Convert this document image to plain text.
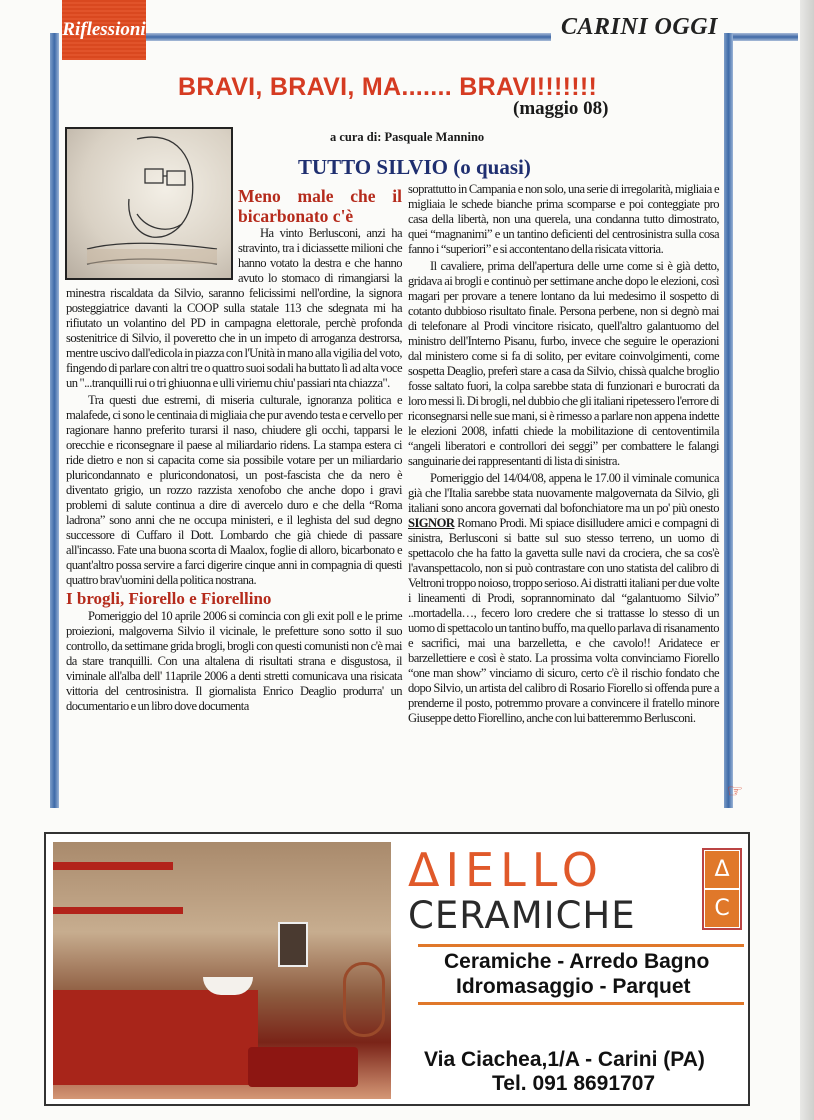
Riflessioni	CARINI OGGI
BRAVI, BRAVI, MA....... BRAVI!!!!!!!
(maggio 08)
a cura di: Pasquale Mannino
TUTTO SILVIO (o quasi)
Meno male che il bicarbonato c'è

Ha vinto Berlusconi, anzi ha stravinto, tra i diciassette milioni che hanno votato la destra e che hanno avuto lo stomaco di rimangiarsi la minestra riscaldata da Silvio, saranno felicissimi nell'ordine, la signora posteggiatrice davanti la COOP sulla statale 113 che sdegnata mi ha rifiutato un volantino del PD in campagna elettorale, perchè profonda sostenitrice di Silvio, il poveretto che in un impeto di arroganza destrorsa, mentre uscivo dall'edicola in piazza con l'Unità in mano alla vigilia del voto, fingendo di parlare con altri tre o quattro suoi sodali ha buttato lì ad alta voce un "...tranquilli rui o tri ghiuonna e ulli viriemu chiu' passiari nta chiazza".

Tra questi due estremi, di miseria culturale, ignoranza politica e malafede, ci sono le centinaia di migliaia che pur avendo testa e cervello per ragionare hanno preferito turarsi il naso, chiudere gli occhi, tapparsi le orecchie e riconsegnare il paese al miliardario ridens. La stampa estera ci ride dietro e non si capacita come sia possibile votare per un miliardario pluricondannato e pluricondonatosi, un post-fascista che da nero è diventato grigio, un rozzo razzista xenofobo che anche dopo i gravi problemi di salute continua a dire di avercelo duro e che della “Roma ladrona” sono anni che ne occupa ministeri, e il leghista del sud degno successore di Cuffaro il Dott. Lombardo che già chiede di passare all'incasso. Fate una buona scorta di Maalox, foglie di alloro, bicarbonato e quant'altro possa servire a farci digerire cinque anni in compagnia di questi quattro brav'uomini della politica nostrana.

I brogli, Fiorello e Fiorellino

Pomeriggio del 10 aprile 2006 si comincia con gli exit poll e le prime proiezioni, malgoverna Silvio il vicinale, le prefetture sono sotto il suo controllo, da settimane grida brogli, brogli con questi comunisti non c'è mai da stare tranquilli. Con una altalena di risultati strana e disgustosa, il viminale all'alba dell' 11aprile 2006 a denti stretti comunicava una risicata vittoria del centrosinistra. Il giornalista Enrico Deaglio produrra' un documentario e un libro dove documenta

soprattutto in Campania e non solo, una serie di irregolarità, migliaia e migliaia le schede bianche prima scomparse e poi conteggiate pro casa della libertà, non una querela, una condanna tutto dimostrato, quei “magnanimi” e un tantino deficienti del centrosinistra sulla cosa fanno i “superiori” e si accontentano della risicata vittoria.

Il cavaliere, prima dell'apertura delle urne come si è già detto, gridava ai brogli e continuò per settimane anche dopo le elezioni, così magari per provare a tenere lontano da lui medesimo il sospetto di cotanto dubbioso risultato finale. Persona perbene, non si degnò mai di telefonare al Prodi vincitore risicato, quell'altro galantuomo del ministro dell'Interno Pisanu, furbo, invece che seguire le operazioni dal ministero come si fa di solito, per evitare coinvolgimenti, come sospetta Deaglio, preferì stare a casa da Silvio, chissà qualche broglio fosse saltato fuori, la colpa sarebbe stata di funzionari e burocrati da loro messi lì. Di brogli, nel dubbio che gli italiani ripetessero l'errore di riconsegnarsi nelle sue mani, si è rimesso a parlare non appena indette le elezioni 2008, infatti chiede la mobilitazione di centoventimila “angeli liberatori e controllori dei seggi” per combattere le falangi sanguinarie dei rappresentanti di lista di sinistra.

Pomeriggio del 14/04/08, appena le 17.00 il viminale comunica già che l'Italia sarebbe stata nuovamente malgovernata da Silvio, gli italiani sono ancora governati dal bofonchiatore ma un po' più onesto SIGNOR Romano Prodi. Mi spiace disilludere amici e compagni di sinistra, Berlusconi si batte sul suo stesso terreno, un uomo di spettacolo che ha fatto la gavetta sulle navi da crociera, che sa cos'è l'avanspettacolo, non si può contrastare con uno statista del calibro di Veltroni troppo noioso, troppo serioso. Ai distratti italiani per due volte i lineamenti di Prodi, soprannominato dal “galantuomo Silvio” ..mortadella…, fecero loro credere che si trattasse lo stesso di un uomo di spettacolo un tantino buffo, ma quello parlava di risanamento e sacrifici, mai una barzelletta, e che cavolo!! Aridatece er barzellettiere e così è stato. La prossima volta convinciamo Fiorello “one man show” vinciamo di sicuro, certo c'è il rischio fondato che dopo Silvio, un artista del calibro di Rosario Fiorello si offenda pure a prenderne il posto, potremmo provare a convincere il fratello minore Giuseppe detto Fiorellino, anche con lui batteremmo Berlusconi.

☞
ΔIELLO
CERAMICHE
Δ
C
Ceramiche - Arredo Bagno
Idromasaggio - Parquet
Via Ciachea,1/A - Carini (PA)
Tel. 091 8691707
